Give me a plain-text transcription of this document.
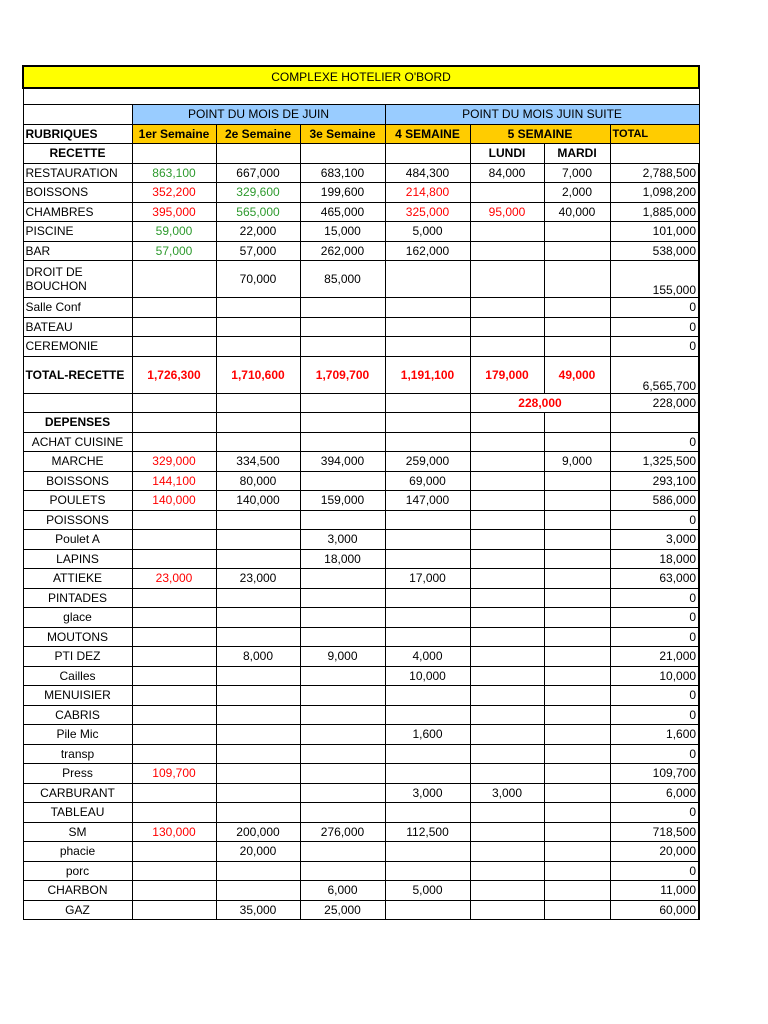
COMPLEXE HOTELIER O'BORD							

	POINT DU MOIS DE JUIN			POINT DU MOIS JUIN SUITE			
RUBRIQUES	1er Semaine	2e Semaine	3e Semaine	4 SEMAINE	5 SEMAINE		TOTAL
RECETTE					LUNDI	MARDI	
RESTAURATION	863,100	667,000	683,100	484,300	84,000	7,000	2,788,500
BOISSONS	352,200	329,600	199,600	214,800		2,000	1,098,200
CHAMBRES	395,000	565,000	465,000	325,000	95,000	40,000	1,885,000
PISCINE	59,000	22,000	15,000	5,000			101,000
BAR	57,000	57,000	262,000	162,000			538,000
DROIT DE BOUCHON		70,000	85,000				155,000
Salle Conf							0
BATEAU							0
CEREMONIE							0
TOTAL-RECETTE	1,726,300	1,710,600	1,709,700	1,191,100	179,000	49,000	6,565,700
					228,000		228,000
DEPENSES							
ACHAT CUISINE							0
MARCHE	329,000	334,500	394,000	259,000		9,000	1,325,500
BOISSONS	144,100	80,000		69,000			293,100
POULETS	140,000	140,000	159,000	147,000			586,000
POISSONS							0
Poulet A			3,000				3,000
LAPINS			18,000				18,000
ATTIEKE	23,000	23,000		17,000			63,000
PINTADES							0
glace							0
MOUTONS							0
PTI DEZ		8,000	9,000	4,000			21,000
Cailles				10,000			10,000
MENUISIER							0
CABRIS							0
Pile Mic				1,600			1,600
transp							0
Press	109,700						109,700
CARBURANT				3,000	3,000		6,000
TABLEAU							0
SM	130,000	200,000	276,000	112,500			718,500
phacie		20,000					20,000
porc							0
CHARBON			6,000	5,000			11,000
GAZ		35,000	25,000				60,000
